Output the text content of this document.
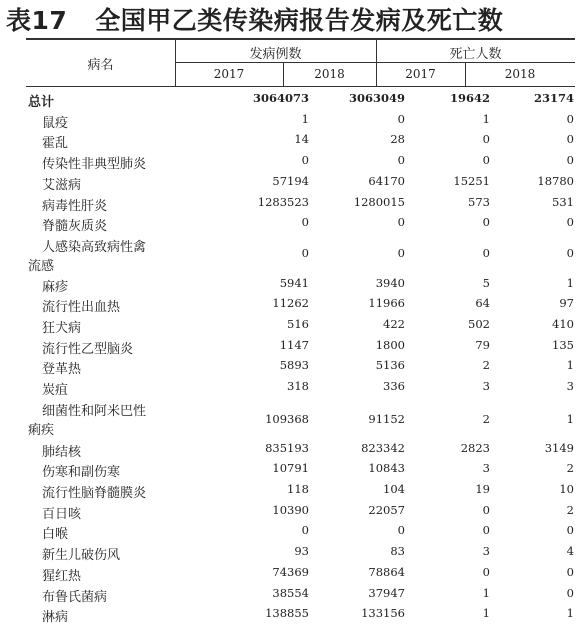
表17 全国甲乙类传染病报告发病及死亡数
病名
发病例数	死亡人数
2017	2018	2017	2018
总计	3064073	3063049	19642	23174
鼠疫	1	0	1	0
霍乱	14	28	0	0
传染性非典型肺炎	0	0	0	0
艾滋病	57194	64170	15251	18780
病毒性肝炎	1283523	1280015	573	531
脊髓灰质炎	0	0	0	0
人感染高致病性禽
流感
0	0	0	0
麻疹	5941	3940	5	1
流行性出血热	11262	11966	64	97
狂犬病	516	422	502	410
流行性乙型脑炎	1147	1800	79	135
登革热	5893	5136	2	1
炭疽	318	336	3	3
细菌性和阿米巴性
痢疾
109368	91152	2	1
肺结核	835193	823342	2823	3149
伤寒和副伤寒	10791	10843	3	2
流行性脑脊髓膜炎	118	104	19	10
百日咳	10390	22057	0	2
白喉	0	0	0	0
新生儿破伤风	93	83	3	4
猩红热	74369	78864	0	0
布鲁氏菌病	38554	37947	1	0
淋病	138855	133156	1	1
